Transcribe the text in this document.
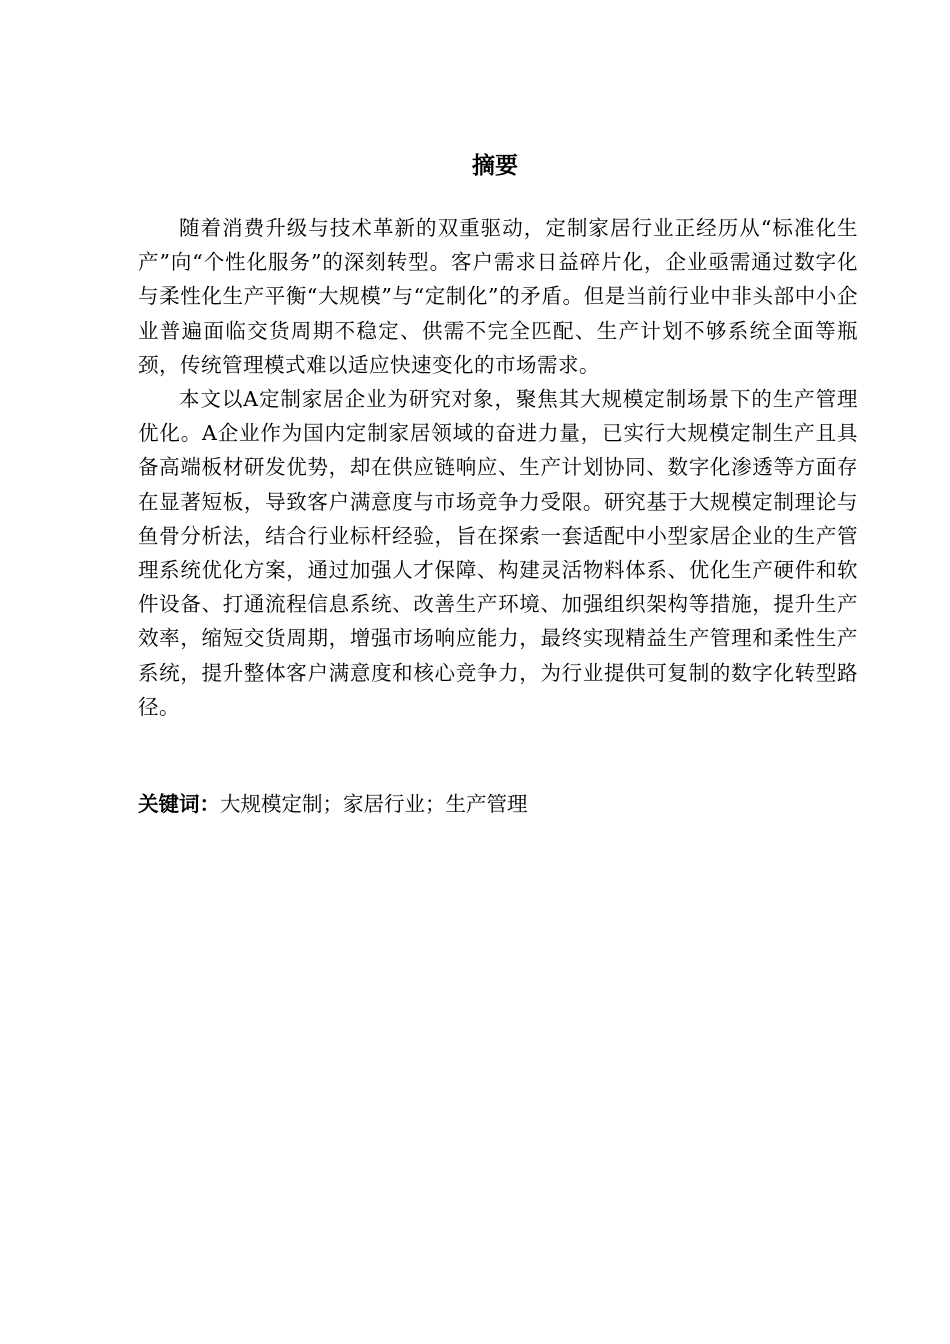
摘要

随着消费升级与技术革新的双重驱动，定制家居行业正经历从“标准化生产”向“个性化服务”的深刻转型。客户需求日益碎片化，企业亟需通过数字化与柔性化生产平衡“大规模”与“定制化”的矛盾。但是当前行业中非头部中小企业普遍面临交货周期不稳定、供需不完全匹配、生产计划不够系统全面等瓶颈，传统管理模式难以适应快速变化的市场需求。

本文以A定制家居企业为研究对象，聚焦其大规模定制场景下的生产管理优化。A企业作为国内定制家居领域的奋进力量，已实行大规模定制生产且具备高端板材研发优势，却在供应链响应、生产计划协同、数字化渗透等方面存在显著短板，导致客户满意度与市场竞争力受限。研究基于大规模定制理论与鱼骨分析法，结合行业标杆经验，旨在探索一套适配中小型家居企业的生产管理系统优化方案，通过加强人才保障、构建灵活物料体系、优化生产硬件和软件设备、打通流程信息系统、改善生产环境、加强组织架构等措施，提升生产效率，缩短交货周期，增强市场响应能力，最终实现精益生产管理和柔性生产系统，提升整体客户满意度和核心竞争力，为行业提供可复制的数字化转型路径。

关键词：大规模定制；家居行业；生产管理
